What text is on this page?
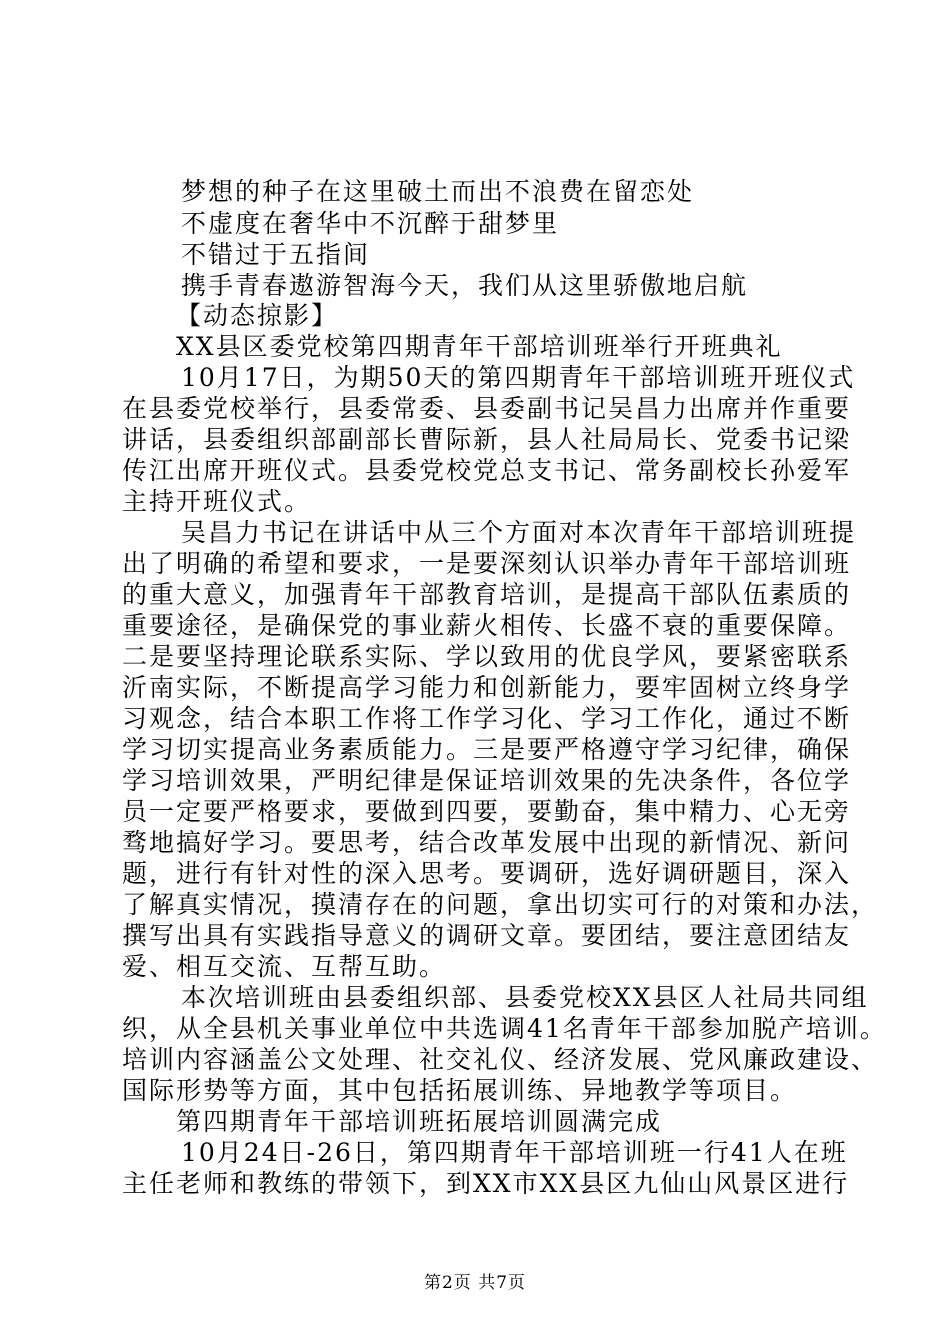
梦想的种子在这里破土而出不浪费在留恋处

不虚度在奢华中不沉醉于甜梦里

不错过于五指间

携手青春遨游智海今天，我们从这里骄傲地启航

【动态掠影】

XX县区委党校第四期青年干部培训班举行开班典礼

10月17日，为期50天的第四期青年干部培训班开班仪式

在县委党校举行，县委常委、县委副书记吴昌力出席并作重要

讲话，县委组织部副部长曹际新，县人社局局长、党委书记梁

传江出席开班仪式。县委党校党总支书记、常务副校长孙爱军

主持开班仪式。

吴昌力书记在讲话中从三个方面对本次青年干部培训班提

出了明确的希望和要求，一是要深刻认识举办青年干部培训班

的重大意义，加强青年干部教育培训，是提高干部队伍素质的

重要途径，是确保党的事业薪火相传、长盛不衰的重要保障。

二是要坚持理论联系实际、学以致用的优良学风，要紧密联系

沂南实际，不断提高学习能力和创新能力，要牢固树立终身学

习观念，结合本职工作将工作学习化、学习工作化，通过不断

学习切实提高业务素质能力。三是要严格遵守学习纪律，确保

学习培训效果，严明纪律是保证培训效果的先决条件，各位学

员一定要严格要求，要做到四要，要勤奋，集中精力、心无旁

骛地搞好学习。要思考，结合改革发展中出现的新情况、新问

题，进行有针对性的深入思考。要调研，选好调研题目，深入

了解真实情况，摸清存在的问题，拿出切实可行的对策和办法，

撰写出具有实践指导意义的调研文章。要团结，要注意团结友

爱、相互交流、互帮互助。

本次培训班由县委组织部、县委党校XX县区人社局共同组

织，从全县机关事业单位中共选调41名青年干部参加脱产培训。

培训内容涵盖公文处理、社交礼仪、经济发展、党风廉政建设、

国际形势等方面，其中包括拓展训练、异地教学等项目。

第四期青年干部培训班拓展培训圆满完成

10月24日-26日，第四期青年干部培训班一行41人在班

主任老师和教练的带领下，到XX市XX县区九仙山风景区进行

第2页 共7页
